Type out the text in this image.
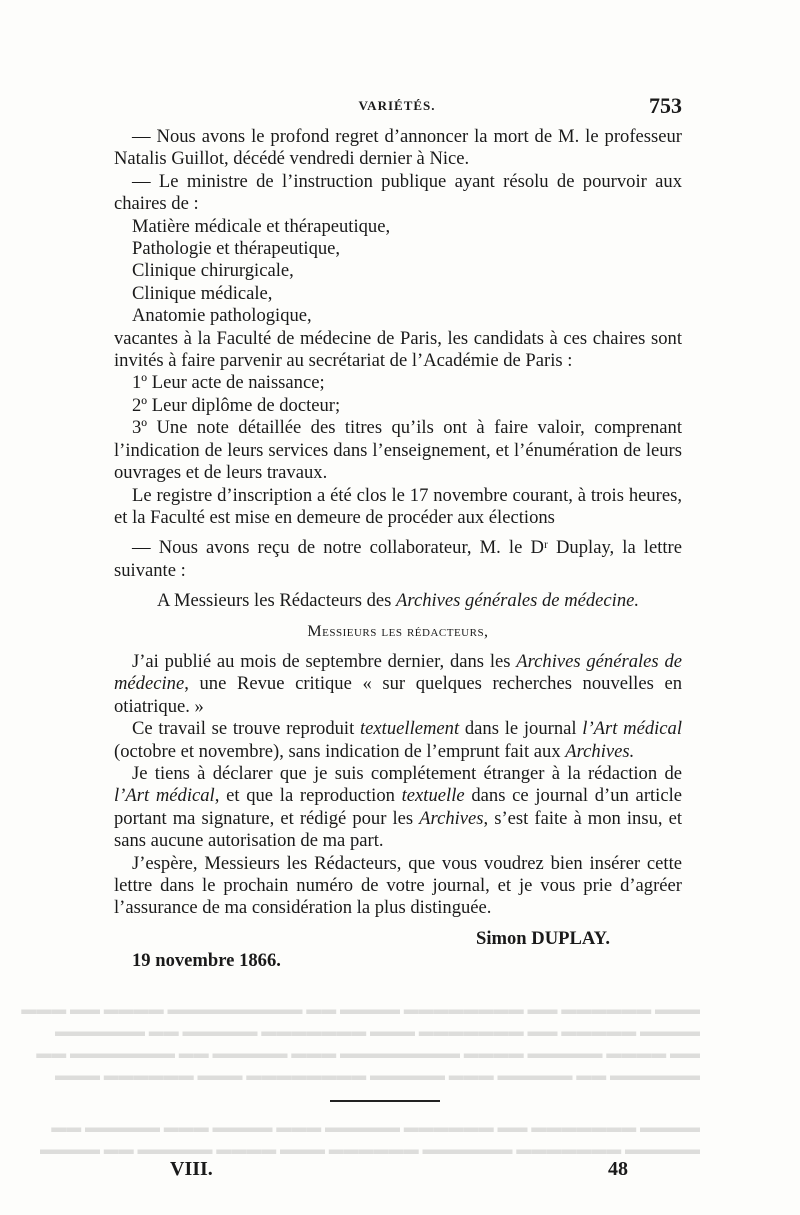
VARIÉTÉS.	753

— Nous avons le profond regret d’annoncer la mort de M. le professeur Natalis Guillot, décédé vendredi dernier à Nice.

— Le ministre de l’instruction publique ayant résolu de pourvoir aux chaires de :

Matière médicale et thérapeutique,

Pathologie et thérapeutique,

Clinique chirurgicale,

Clinique médicale,

Anatomie pathologique,

vacantes à la Faculté de médecine de Paris, les candidats à ces chaires sont invités à faire parvenir au secrétariat de l’Académie de Paris :

1º Leur acte de naissance;

2º Leur diplôme de docteur;

3º Une note détaillée des titres qu’ils ont à faire valoir, comprenant l’indication de leurs services dans l’enseignement, et l’énumération de leurs ouvrages et de leurs travaux.

Le registre d’inscription a été clos le 17 novembre courant, à trois heures, et la Faculté est mise en demeure de procéder aux élections

— Nous avons reçu de notre collaborateur, M. le Dʳ Duplay, la lettre suivante :

A Messieurs les Rédacteurs des Archives générales de médecine.

Messieurs les rédacteurs,

J’ai publié au mois de septembre dernier, dans les Archives générales de médecine, une Revue critique « sur quelques recherches nouvelles en otiatrique. »

Ce travail se trouve reproduit textuellement dans le journal l’Art médical (octobre et novembre), sans indication de l’emprunt fait aux Archives.

Je tiens à déclarer que je suis complétement étranger à la rédaction de l’Art médical, et que la reproduction textuelle dans ce journal d’un article portant ma signature, et rédigé pour les Archives, s’est faite à mon insu, et sans aucune autorisation de ma part.

J’espère, Messieurs les Rédacteurs, que vous voudrez bien insérer cette lettre dans le prochain numéro de votre journal, et je vous prie d’agréer l’assurance de ma considération la plus distinguée.

Simon DUPLAY.

19 novembre 1866.

▬▬▬ ▬▬▬▬▬▬ ▬▬ ▬▬▬▬▬▬▬▬ ▬▬▬▬ ▬▬ ▬▬▬▬▬▬▬▬▬ ▬▬▬▬ ▬▬ ▬▬▬
▬▬▬▬ ▬▬▬▬▬ ▬▬ ▬▬▬▬▬▬▬ ▬▬▬ ▬▬▬▬▬▬▬ ▬▬▬▬▬ ▬▬ ▬▬▬▬▬▬
▬▬ ▬▬▬▬ ▬▬▬▬▬ ▬▬▬▬ ▬▬▬▬▬▬▬▬ ▬▬▬ ▬▬▬▬▬ ▬▬ ▬▬▬▬▬▬▬ ▬▬
▬▬▬▬▬▬ ▬▬ ▬▬▬▬▬ ▬▬▬ ▬▬▬▬▬ ▬▬▬▬▬▬▬▬ ▬▬▬ ▬▬▬▬▬▬ ▬▬▬
▬▬▬▬ ▬▬▬▬▬▬▬ ▬▬ ▬▬▬▬▬▬ ▬▬▬▬▬ ▬▬▬ ▬▬▬▬ ▬▬▬ ▬▬▬▬▬ ▬▬
▬▬▬▬▬ ▬▬▬▬▬▬▬ ▬▬▬▬▬▬ ▬▬▬▬▬▬ ▬▬▬ ▬▬▬▬ ▬▬▬▬▬ ▬▬ ▬▬▬▬
VIII.	48
